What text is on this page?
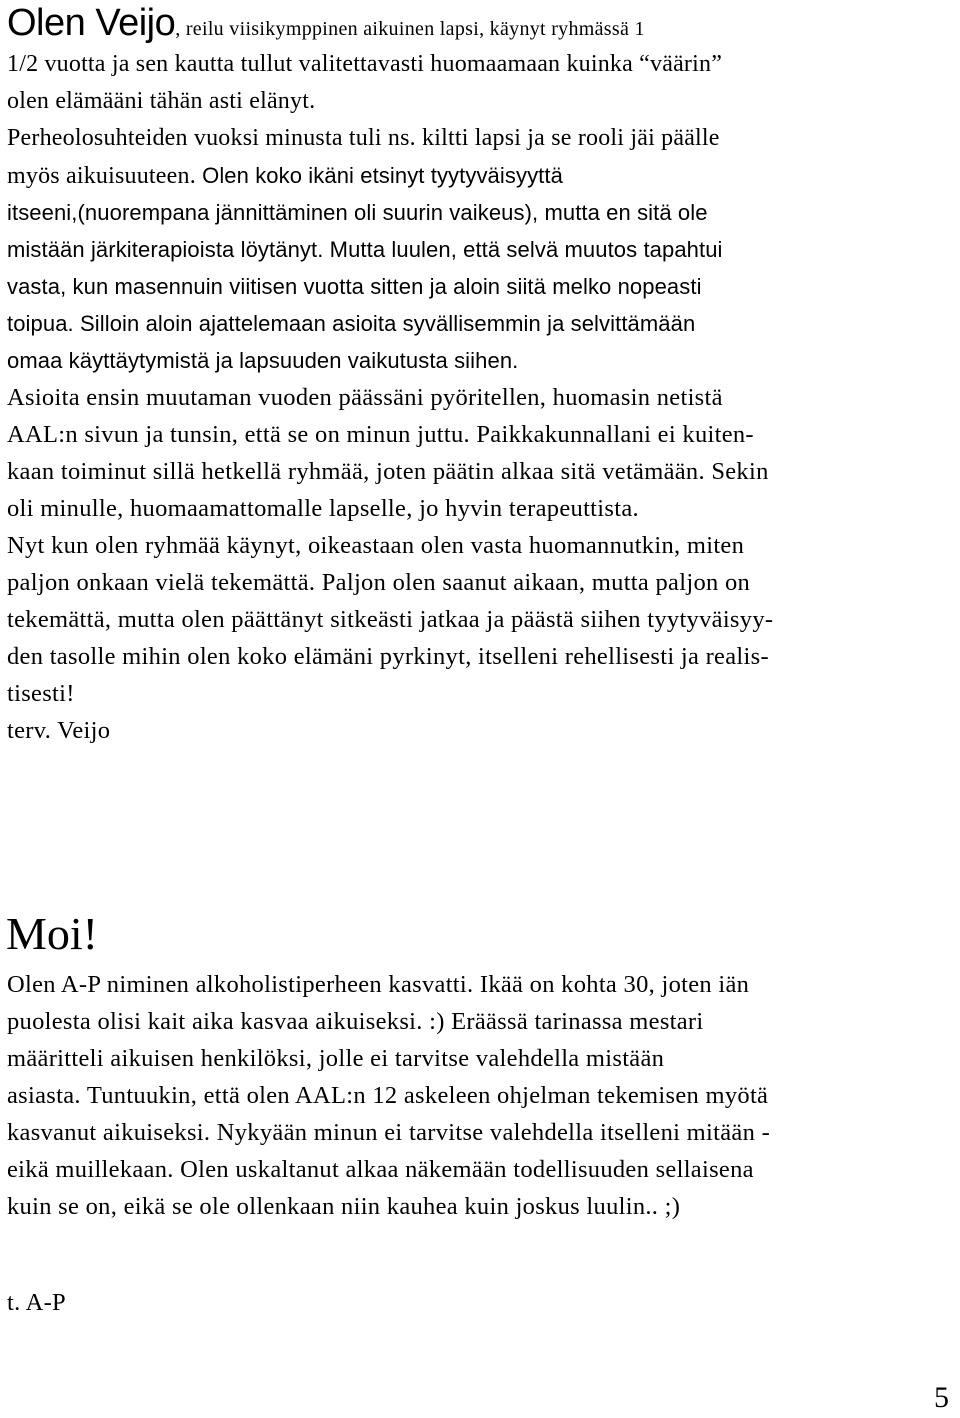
Olen Veijo, reilu viisikymppinen aikuinen lapsi, käynyt ryhmässä 1
1/2 vuotta ja sen kautta tullut valitettavasti huomaamaan kuinka “väärin”
olen elämääni tähän asti elänyt.
Perheolosuhteiden vuoksi minusta tuli ns. kiltti lapsi ja se rooli jäi päälle
myös aikuisuuteen. Olen koko ikäni etsinyt tyytyväisyyttä
itseeni,(nuorempana jännittäminen oli suurin vaikeus), mutta en sitä ole
mistään järkiterapioista löytänyt. Mutta luulen, että selvä muutos tapahtui
vasta, kun masennuin viitisen vuotta sitten ja aloin siitä melko nopeasti
toipua. Silloin aloin ajattelemaan asioita syvällisemmin ja selvittämään
omaa käyttäytymistä ja lapsuuden vaikutusta siihen.
Asioita ensin muutaman vuoden päässäni pyöritellen, huomasin netistä
AAL:n sivun ja tunsin, että se on minun juttu. Paikkakunnallani ei kuiten-
kaan toiminut sillä hetkellä ryhmää, joten päätin alkaa sitä vetämään. Sekin
oli minulle, huomaamattomalle lapselle, jo hyvin terapeuttista.
Nyt kun olen ryhmää käynyt, oikeastaan olen vasta huomannutkin, miten
paljon onkaan vielä tekemättä. Paljon olen saanut aikaan, mutta paljon on
tekemättä, mutta olen päättänyt sitkeästi jatkaa ja päästä siihen tyytyväisyy-
den tasolle mihin olen koko elämäni pyrkinyt, itselleni rehellisesti ja realis-
tisesti!
terv. Veijo
Moi!
Olen A-P niminen alkoholistiperheen kasvatti. Ikää on kohta 30, joten iän
puolesta olisi kait aika kasvaa aikuiseksi. :) Eräässä tarinassa mestari
määritteli aikuisen henkilöksi, jolle ei tarvitse valehdella mistään
asiasta. Tuntuukin, että olen AAL:n 12 askeleen ohjelman tekemisen myötä
kasvanut aikuiseksi. Nykyään minun ei tarvitse valehdella itselleni mitään -
eikä muillekaan. Olen uskaltanut alkaa näkemään todellisuuden sellaisena
kuin se on, eikä se ole ollenkaan niin kauhea kuin joskus luulin.. ;)
t. A-P
5
